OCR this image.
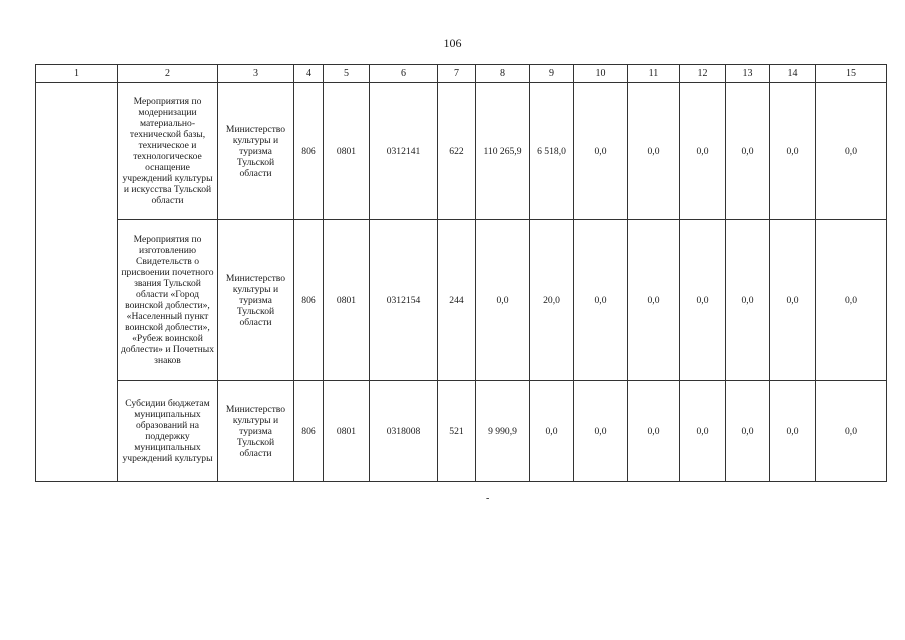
106
1	2	3	4	5	6	7	8	9	10	11	12	13	14	15
	Мероприятия по модернизации материально-технической базы, техническое и технологическое оснащение учреждений культуры и искусства Тульской области	Министерство культуры и туризма Тульской области	806	0801	0312141	622	110 265,9	6 518,0	0,0	0,0	0,0	0,0	0,0	0,0
	Мероприятия по изготовлению Свидетельств о присвоении почетного звания Тульской области «Город воинской доблести», «Населенный пункт воинской доблести», «Рубеж воинской доблести» и Почетных знаков	Министерство культуры и туризма Тульской области	806	0801	0312154	244	0,0	20,0	0,0	0,0	0,0	0,0	0,0	0,0
	Субсидии бюджетам муниципальных образований на поддержку муниципальных учреждений культуры	Министерство культуры и туризма Тульской области	806	0801	0318008	521	9 990,9	0,0	0,0	0,0	0,0	0,0	0,0	0,0
-
